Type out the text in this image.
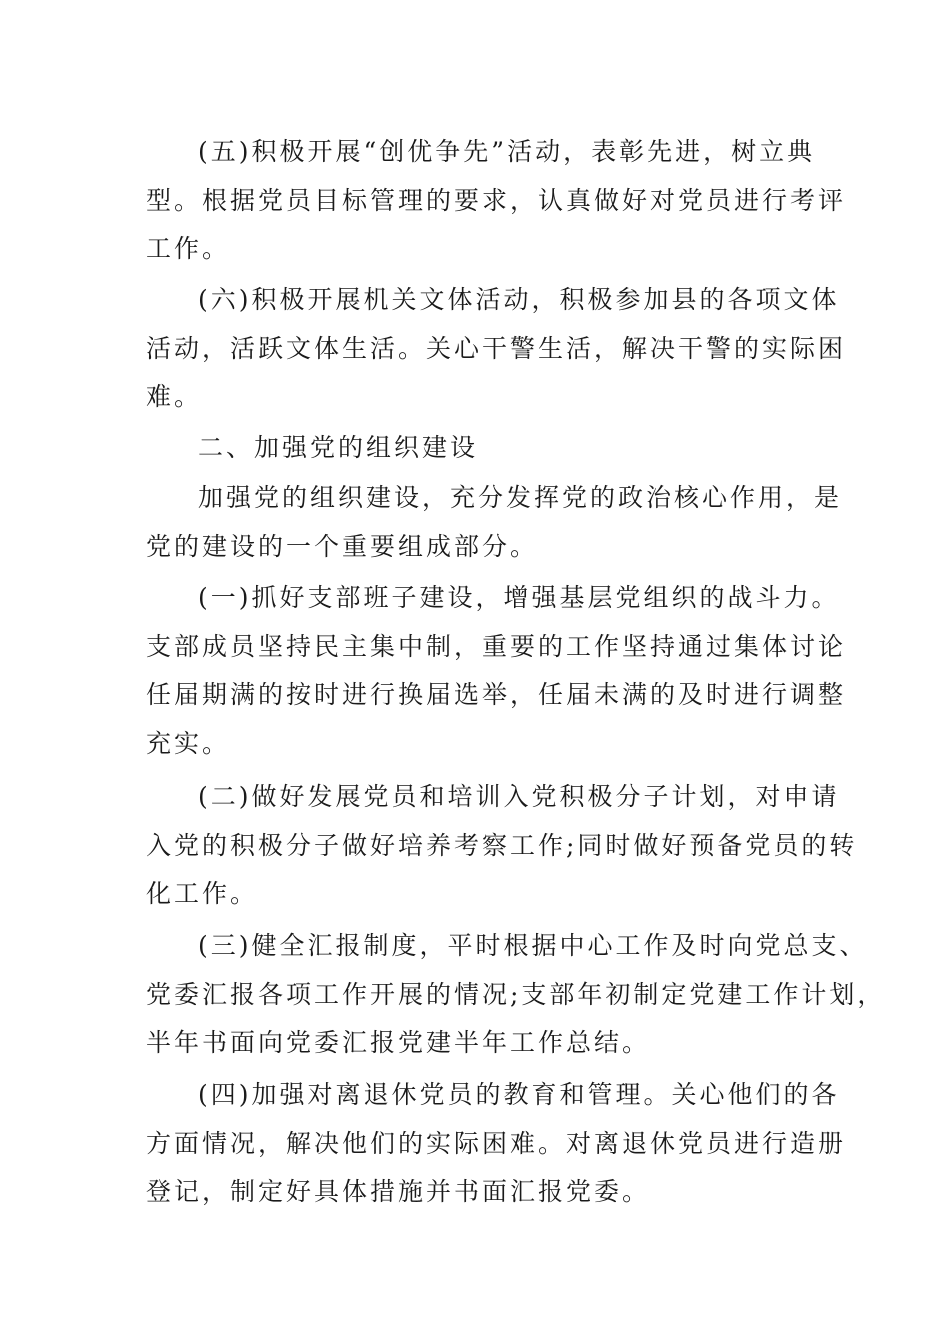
(五)积极开展“创优争先”活动，表彰先进，树立典
型。根据党员目标管理的要求，认真做好对党员进行考评
工作。
(六)积极开展机关文体活动，积极参加县的各项文体
活动，活跃文体生活。关心干警生活，解决干警的实际困
难。
二、加强党的组织建设
加强党的组织建设，充分发挥党的政治核心作用，是
党的建设的一个重要组成部分。
(一)抓好支部班子建设，增强基层党组织的战斗力。
支部成员坚持民主集中制，重要的工作坚持通过集体讨论
任届期满的按时进行换届选举，任届未满的及时进行调整
充实。
(二)做好发展党员和培训入党积极分子计划，对申请
入党的积极分子做好培养考察工作;同时做好预备党员的转
化工作。
(三)健全汇报制度，平时根据中心工作及时向党总支、
党委汇报各项工作开展的情况;支部年初制定党建工作计划，
半年书面向党委汇报党建半年工作总结。
(四)加强对离退休党员的教育和管理。关心他们的各
方面情况，解决他们的实际困难。对离退休党员进行造册
登记，制定好具体措施并书面汇报党委。
